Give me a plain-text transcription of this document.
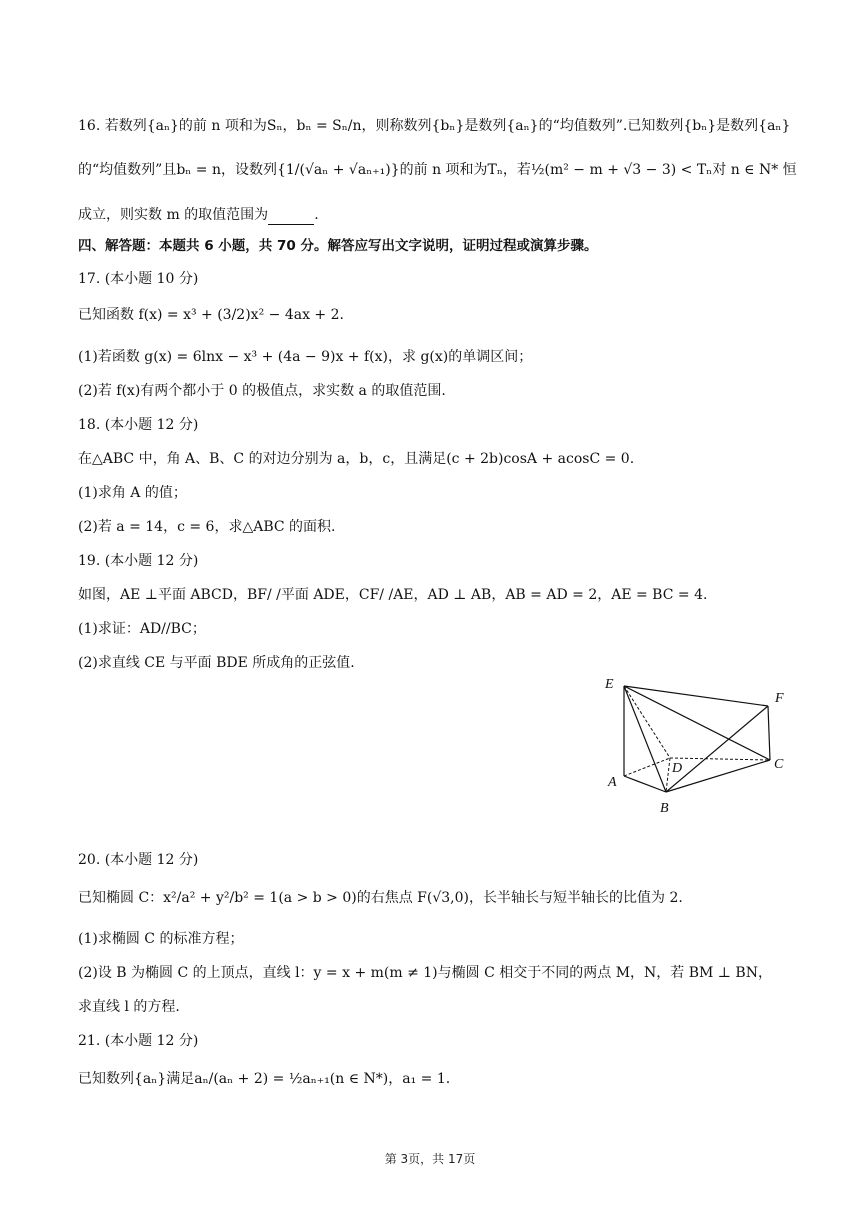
16. 若数列{aₙ}的前 n 项和为Sₙ，bₙ = Sₙ/n，则称数列{bₙ}是数列{aₙ}的“均值数列”.已知数列{bₙ}是数列{aₙ}
的“均值数列”且bₙ = n，设数列{1/(√aₙ + √aₙ₊₁)}的前 n 项和为Tₙ，若½(m² − m + √3 − 3) < Tₙ对 n ∈ N* 恒
成立，则实数 m 的取值范围为	.
四、解答题：本题共 6 小题，共 70 分。解答应写出文字说明，证明过程或演算步骤。
17. (本小题 10 分)
已知函数 f(x) = x³ + (3/2)x² − 4ax + 2.
(1)若函数 g(x) = 6lnx − x³ + (4a − 9)x + f(x)，求 g(x)的单调区间；
(2)若 f(x)有两个都小于 0 的极值点，求实数 a 的取值范围.
18. (本小题 12 分)
在△ABC 中，角 A、B、C 的对边分别为 a，b，c，且满足(c + 2b)cosA + acosC = 0.
(1)求角 A 的值；
(2)若 a = 14，c = 6，求△ABC 的面积.
19. (本小题 12 分)
如图，AE ⊥平面 ABCD，BF/ /平面 ADE，CF/ /AE，AD ⊥ AB，AB = AD = 2，AE = BC = 4.
(1)求证：AD//BC；
(2)求直线 CE 与平面 BDE 所成角的正弦值.
20. (本小题 12 分)
已知椭圆 C：x²/a² + y²/b² = 1(a > b > 0)的右焦点 F(√3,0)，长半轴长与短半轴长的比值为 2.
(1)求椭圆 C 的标准方程；
(2)设 B 为椭圆 C 的上顶点，直线 l：y = x + m(m ≠ 1)与椭圆 C 相交于不同的两点 M，N，若 BM ⊥ BN，
求直线 l 的方程.
21. (本小题 12 分)
已知数列{aₙ}满足aₙ/(aₙ + 2) = ½aₙ₊₁(n ∈ N*)，a₁ = 1.
E
F
A
D	C
B
第 3页，共 17页
